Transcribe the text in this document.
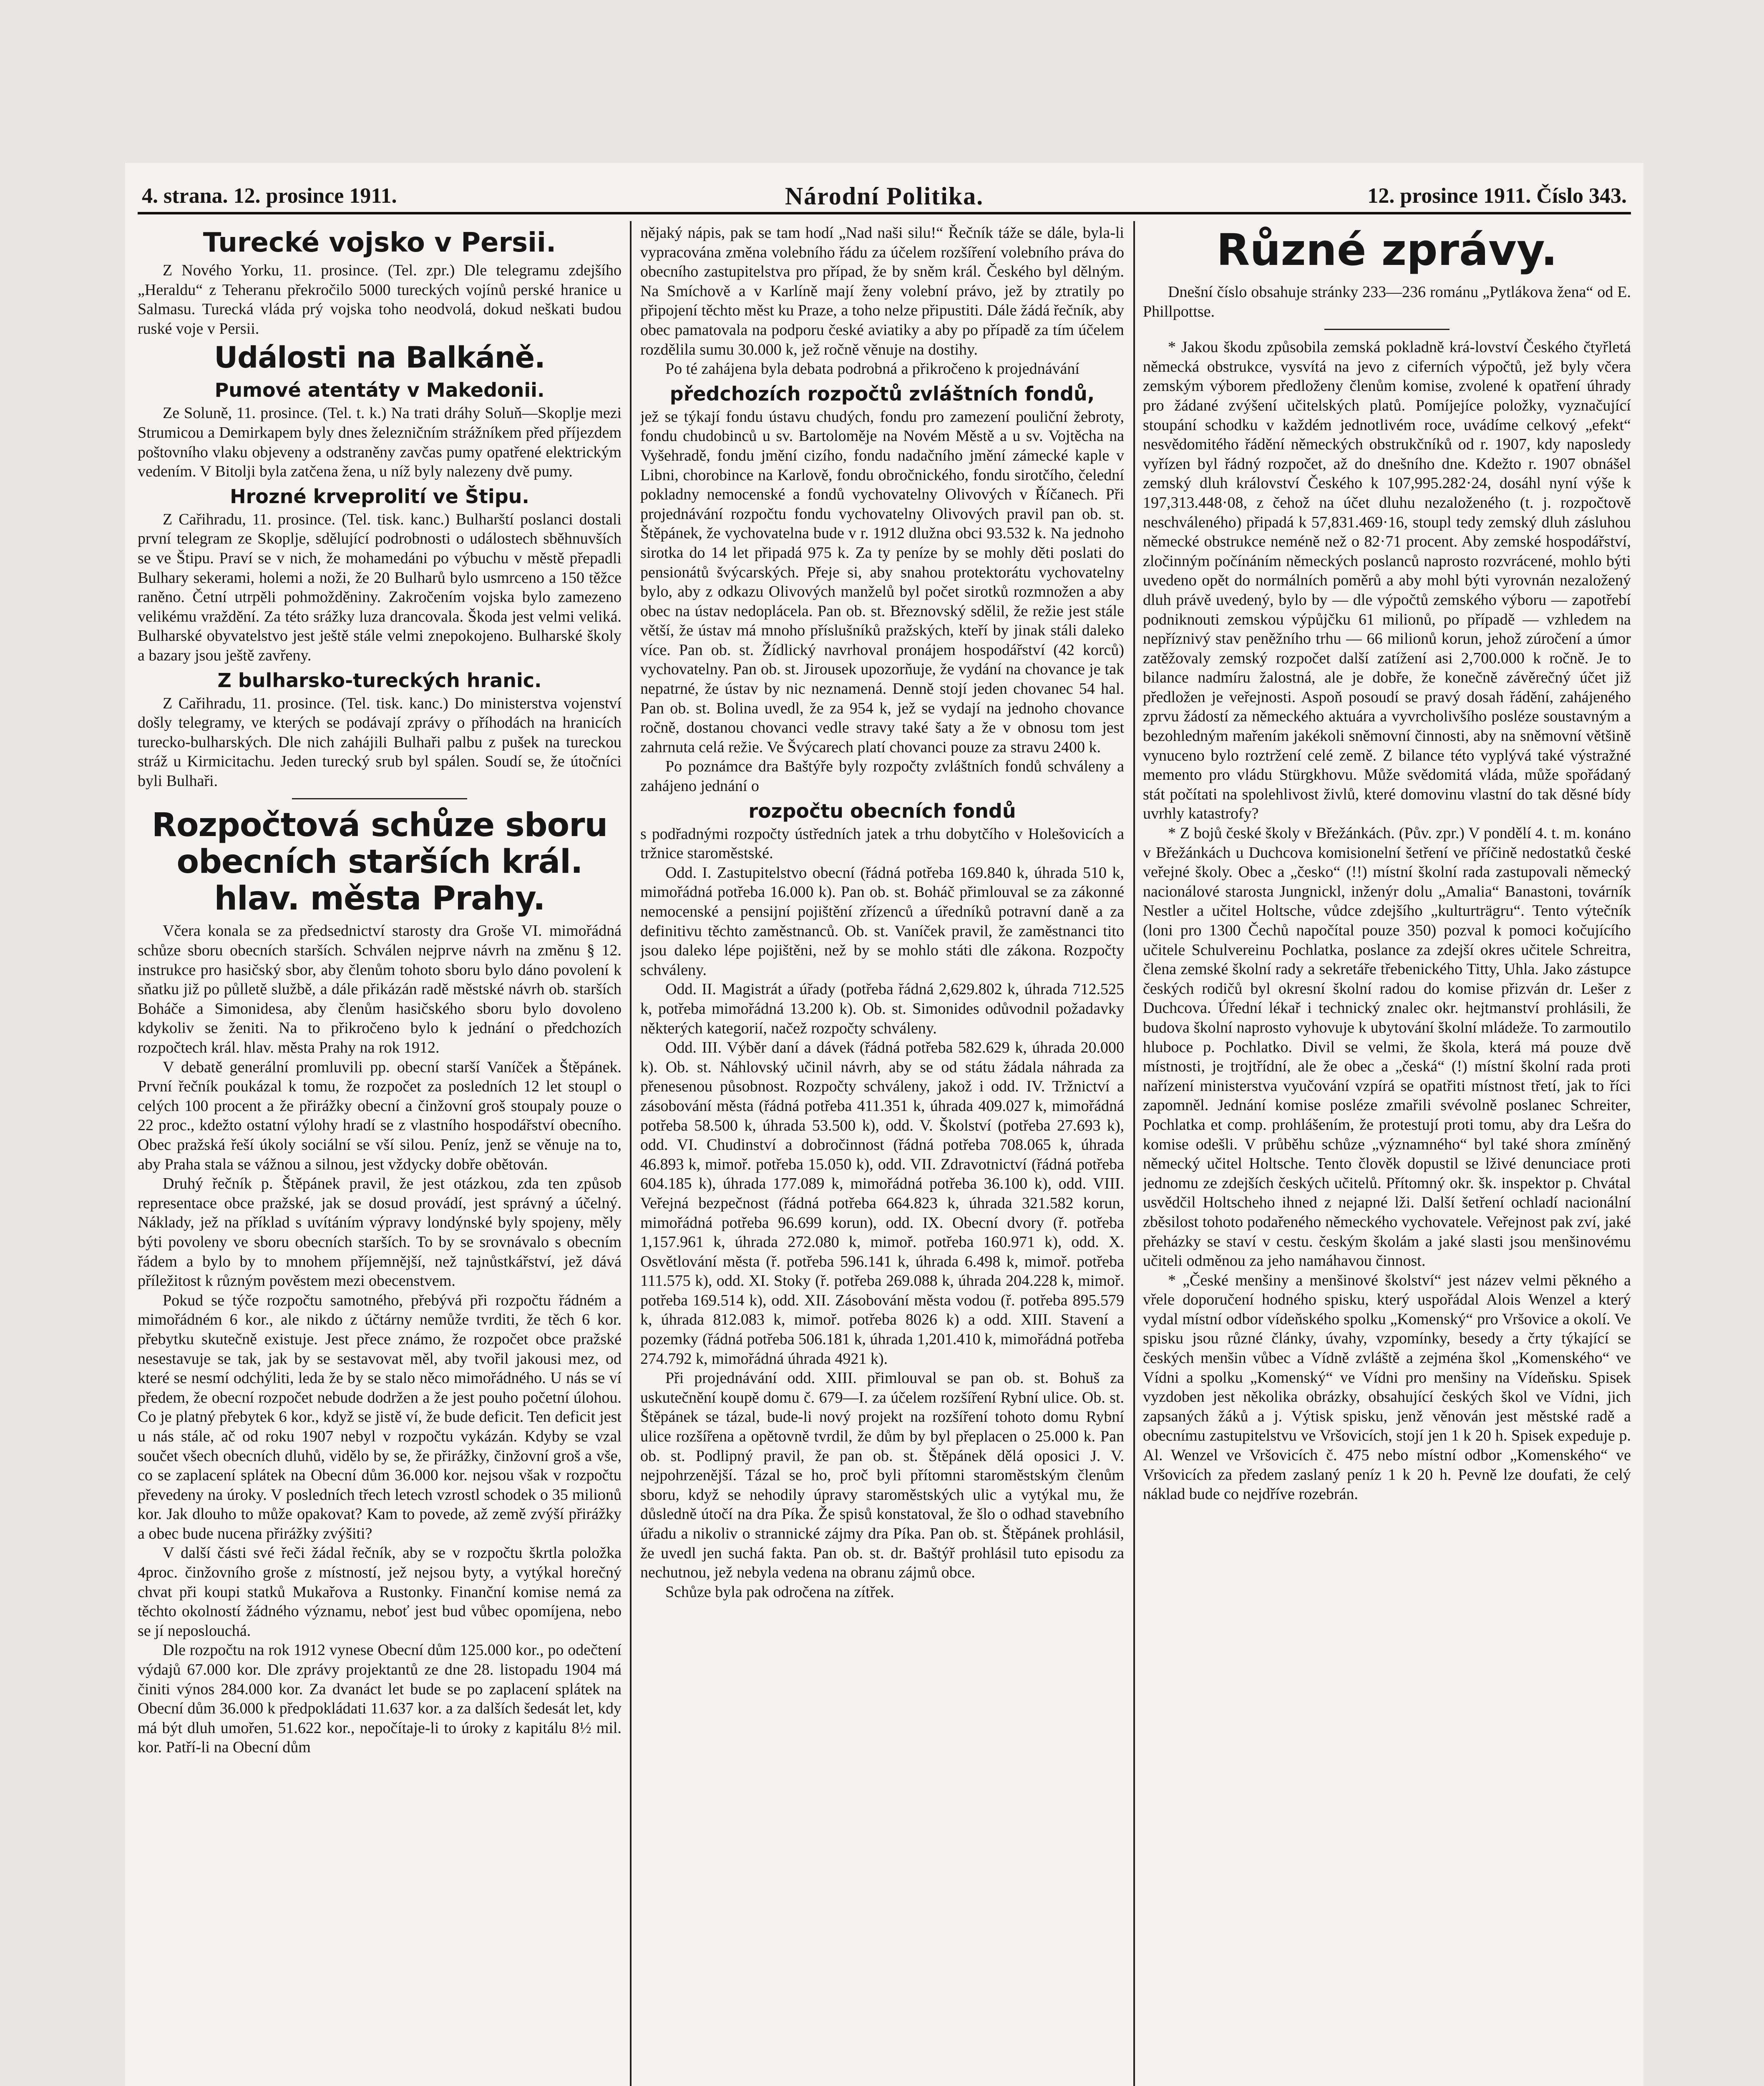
4. strana. 12. prosince 1911.	Národní Politika.	12. prosince 1911. Číslo 343.
Turecké vojsko v Persii.

Z Nového Yorku, 11. prosince. (Tel. zpr.) Dle telegramu zdejšího „Heraldu“ z Teheranu překročilo 5000 tureckých vojínů perské hranice u Salmasu. Turecká vláda prý vojska toho neodvolá, dokud neškati budou ruské voje v Persii.

Události na Balkáně.
Pumové atentáty v Makedonii.

Ze Soluně, 11. prosince. (Tel. t. k.) Na trati dráhy Soluň—Skoplje mezi Strumicou a Demirkapem byly dnes železničním strážníkem před příjezdem poštovního vlaku objeveny a odstraněny zavčas pumy opatřené elektrickým vedením. V Bitolji byla zatčena žena, u níž byly nalezeny dvě pumy.

Hrozné krveprolití ve Štipu.

Z Cařihradu, 11. prosince. (Tel. tisk. kanc.) Bulharští poslanci dostali první telegram ze Skoplje, sdělující podrobnosti o událostech sběhnuvších se ve Štipu. Praví se v nich, že mohamedáni po výbuchu v městě přepadli Bulhary sekerami, holemi a noži, že 20 Bulharů bylo usmrceno a 150 těžce raněno. Četní utrpěli pohmožděniny. Zakročením vojska bylo zamezeno velikému vraždění. Za této srážky luza drancovala. Škoda jest velmi veliká. Bulharské obyvatelstvo jest ještě stále velmi znepokojeno. Bulharské školy a bazary jsou ještě zavřeny.

Z bulharsko-tureckých hranic.

Z Cařihradu, 11. prosince. (Tel. tisk. kanc.) Do ministerstva vojenství došly telegramy, ve kterých se podávají zprávy o příhodách na hranicích turecko-bulharských. Dle nich zahájili Bulhaři palbu z pušek na tureckou stráž u Kirmicitachu. Jeden turecký srub byl spálen. Soudí se, že útočníci byli Bulhaři.

Rozpočtová schůze sboru obecních starších král. hlav. města Prahy.

Včera konala se za předsednictví starosty dra Groše VI. mimořádná schůze sboru obecních starších. Schválen nejprve návrh na změnu § 12. instrukce pro hasičský sbor, aby členům tohoto sboru bylo dáno povolení k sňatku již po půlletě službě, a dále přikázán radě městské návrh ob. starších Boháče a Simonidesa, aby členům hasičského sboru bylo dovoleno kdykoliv se ženiti. Na to přikročeno bylo k jednání o předchozích rozpočtech král. hlav. města Prahy na rok 1912.

V debatě generální promluvili pp. obecní starší Vaníček a Štěpánek. První řečník poukázal k tomu, že rozpočet za posledních 12 let stoupl o celých 100 procent a že přirážky obecní a činžovní groš stoupaly pouze o 22 proc., kdežto ostatní výlohy hradí se z vlastního hospodářství obecního. Obec pražská řeší úkoly sociální se vší silou. Peníz, jenž se věnuje na to, aby Praha stala se vážnou a silnou, jest vždycky dobře obětován.

Druhý řečník p. Štěpánek pravil, že jest otázkou, zda ten způsob representace obce pražské, jak se dosud provádí, jest správný a účelný. Náklady, jež na příklad s uvítáním výpravy londýnské byly spojeny, měly býti povoleny ve sboru obecních starších. To by se srovnávalo s obecním řádem a bylo by to mnohem příjemnější, než tajnůstkářství, jež dává příležitost k různým pověstem mezi obecenstvem.

Pokud se týče rozpočtu samotného, přebývá při rozpočtu řádném a mimořádném 6 kor., ale nikdo z účtárny nemůže tvrditi, že těch 6 kor. přebytku skutečně existuje. Jest přece známo, že rozpočet obce pražské nesestavuje se tak, jak by se sestavovat měl, aby tvořil jakousi mez, od které se nesmí odchýliti, leda že by se stalo něco mimořádného. U nás se ví předem, že obecní rozpočet nebude dodržen a že jest pouho početní úlohou. Co je platný přebytek 6 kor., když se jistě ví, že bude deficit. Ten deficit jest u nás stále, ač od roku 1907 nebyl v rozpočtu vykázán. Kdyby se vzal součet všech obecních dluhů, vidělo by se, že přirážky, činžovní groš a vše, co se zaplacení splátek na Obecní dům 36.000 kor. nejsou však v rozpočtu převedeny na úroky. V posledních třech letech vzrostl schodek o 35 milionů kor. Jak dlouho to může opakovat? Kam to povede, až země zvýší přirážky a obec bude nucena přirážky zvýšiti?

V další části své řeči žádal řečník, aby se v rozpočtu škrtla položka 4proc. činžovního groše z místností, jež nejsou byty, a vytýkal horečný chvat při koupi statků Mukařova a Rustonky. Finanční komise nemá za těchto okolností žádného významu, neboť jest bud vůbec opomíjena, nebo se jí neposlouchá.

Dle rozpočtu na rok 1912 vynese Obecní dům 125.000 kor., po odečtení výdajů 67.000 kor. Dle zprávy projektantů ze dne 28. listopadu 1904 má činiti výnos 284.000 kor. Za dvanáct let bude se po zaplacení splátek na Obecní dům 36.000 k předpokládati 11.637 kor. a za dalších šedesát let, kdy má být dluh umořen, 51.622 kor., nepočítaje-li to úroky z kapitálu 8½ mil. kor. Patří-li na Obecní dům

nějaký nápis, pak se tam hodí „Nad naši silu!“ Řečník táže se dále, byla-li vypracována změna volebního řádu za účelem rozšíření volebního práva do obecního zastupitelstva pro případ, že by sněm král. Českého byl dělným. Na Smíchově a v Karlíně mají ženy volební právo, jež by ztratily po připojení těchto měst ku Praze, a toho nelze připustiti. Dále žádá řečník, aby obec pamatovala na podporu české aviatiky a aby po případě za tím účelem rozdělila sumu 30.000 k, jež ročně věnuje na dostihy.

Po té zahájena byla debata podrobná a přikročeno k projednávání

předchozích rozpočtů zvláštních fondů,

jež se týkají fondu ústavu chudých, fondu pro zamezení pouliční žebroty, fondu chudobinců u sv. Bartoloměje na Novém Městě a u sv. Vojtěcha na Vyšehradě, fondu jmění cizího, fondu nadačního jmění zámecké kaple v Libni, chorobince na Karlově, fondu obročnického, fondu sirotčího, čelední pokladny nemocenské a fondů vychovatelny Olivových v Říčanech. Při projednávání rozpočtu fondu vychovatelny Olivových pravil pan ob. st. Štěpánek, že vychovatelna bude v r. 1912 dlužna obci 93.532 k. Na jednoho sirotka do 14 let připadá 975 k. Za ty peníze by se mohly děti poslati do pensionátů švýcarských. Přeje si, aby snahou protektorátu vychovatelny bylo, aby z odkazu Olivových manželů byl počet sirotků rozmnožen a aby obec na ústav nedoplácela. Pan ob. st. Březnovský sdělil, že režie jest stále větší, že ústav má mnoho příslušníků pražských, kteří by jinak stáli daleko více. Pan ob. st. Žídlický navrhoval pronájem hospodářství (42 korců) vychovatelny. Pan ob. st. Jirousek upozorňuje, že vydání na chovance je tak nepatrné, že ústav by nic neznamená. Denně stojí jeden chovanec 54 hal. Pan ob. st. Bolina uvedl, že za 954 k, jež se vydají na jednoho chovance ročně, dostanou chovanci vedle stravy také šaty a že v obnosu tom jest zahrnuta celá režie. Ve Švýcarech platí chovanci pouze za stravu 2400 k.

Po poznámce dra Baštýře byly rozpočty zvláštních fondů schváleny a zahájeno jednání o

rozpočtu obecních fondů

s podřadnými rozpočty ústředních jatek a trhu dobytčího v Holešovicích a tržnice staroměstské.

Odd. I. Zastupitelstvo obecní (řádná potřeba 169.840 k, úhrada 510 k, mimořádná potřeba 16.000 k). Pan ob. st. Boháč přimlouval se za zákonné nemocenské a pensijní pojištění zřízenců a úředníků potravní daně a za definitivu těchto zaměstnanců. Ob. st. Vaníček pravil, že zaměstnanci tito jsou daleko lépe pojištěni, než by se mohlo státi dle zákona. Rozpočty schváleny.

Odd. II. Magistrát a úřady (potřeba řádná 2,629.802 k, úhrada 712.525 k, potřeba mimořádná 13.200 k). Ob. st. Simonides odůvodnil požadavky některých kategorií, načež rozpočty schváleny.

Odd. III. Výběr daní a dávek (řádná potřeba 582.629 k, úhrada 20.000 k). Ob. st. Náhlovský učinil návrh, aby se od státu žádala náhrada za přenesenou působnost. Rozpočty schváleny, jakož i odd. IV. Tržnictví a zásobování města (řádná potřeba 411.351 k, úhrada 409.027 k, mimořádná potřeba 58.500 k, úhrada 53.500 k), odd. V. Školství (potřeba 27.693 k), odd. VI. Chudinství a dobročinnost (řádná potřeba 708.065 k, úhrada 46.893 k, mimoř. potřeba 15.050 k), odd. VII. Zdravotnictví (řádná potřeba 604.185 k), úhrada 177.089 k, mimořádná potřeba 36.100 k), odd. VIII. Veřejná bezpečnost (řádná potřeba 664.823 k, úhrada 321.582 korun, mimořádná potřeba 96.699 korun), odd. IX. Obecní dvory (ř. potřeba 1,157.961 k, úhrada 272.080 k, mimoř. potřeba 160.971 k), odd. X. Osvětlování města (ř. potřeba 596.141 k, úhrada 6.498 k, mimoř. potřeba 111.575 k), odd. XI. Stoky (ř. potřeba 269.088 k, úhrada 204.228 k, mimoř. potřeba 169.514 k), odd. XII. Zásobování města vodou (ř. potřeba 895.579 k, úhrada 812.083 k, mimoř. potřeba 8026 k) a odd. XIII. Stavení a pozemky (řádná potřeba 506.181 k, úhrada 1,201.410 k, mimořádná potřeba 274.792 k, mimořádná úhrada 4921 k).

Při projednávání odd. XIII. přimlouval se pan ob. st. Bohuš za uskutečnění koupě domu č. 679—I. za účelem rozšíření Rybní ulice. Ob. st. Štěpánek se tázal, bude-li nový projekt na rozšíření tohoto domu Rybní ulice rozšířena a opětovně tvrdil, že dům by byl přeplacen o 25.000 k. Pan ob. st. Podlipný pravil, že pan ob. st. Štěpánek dělá oposici J. V. nejpohrzenější. Tázal se ho, proč byli přítomni staroměstským členům sboru, když se nehodily úpravy staroměstských ulic a vytýkal mu, že důsledně útočí na dra Píka. Že spisů konstatoval, že šlo o odhad stavebního úřadu a nikoliv o strannické zájmy dra Píka. Pan ob. st. Štěpánek prohlásil, že uvedl jen suchá fakta. Pan ob. st. dr. Baštýř prohlásil tuto episodu za nechutnou, jež nebyla vedena na obranu zájmů obce.

Schůze byla pak odročena na zítřek.

Různé zprávy.

Dnešní číslo obsahuje stránky 233—236 románu „Pytlákova žena“ od E. Phillpottse.

* Jakou škodu způsobila zemská pokladně krá-lovství Českého čtyřletá německá obstrukce, vysvítá na jevo z ciferních výpočtů, jež byly včera zemským výborem předloženy členům komise, zvolené k opatření úhrady pro žádané zvýšení učitelských platů. Pomíjejíce položky, vyznačující stoupání schodku v každém jednotlivém roce, uvádíme celkový „efekt“ nesvědomitého řádění německých obstrukčníků od r. 1907, kdy naposledy vyřízen byl řádný rozpočet, až do dnešního dne. Kdežto r. 1907 obnášel zemský dluh království Českého k 107,995.282·24, dosáhl nyní výše k 197,313.448·08, z čehož na účet dluhu nezaloženého (t. j. rozpočtově neschváleného) připadá k 57,831.469·16, stoupl tedy zemský dluh zásluhou německé obstrukce neméně než o 82·71 procent. Aby zemské hospodářství, zločinným počínáním německých poslanců naprosto rozvrácené, mohlo býti uvedeno opět do normálních poměrů a aby mohl býti vyrovnán nezaložený dluh právě uvedený, bylo by — dle výpočtů zemského výboru — zapotřebí podniknouti zemskou výpůjčku 61 milionů, po případě — vzhledem na nepříznivý stav peněžního trhu — 66 milionů korun, jehož zúročení a úmor zatěžovaly zemský rozpočet další zatížení asi 2,700.000 k ročně. Je to bilance nadmíru žalostná, ale je dobře, že konečně závěrečný účet již předložen je veřejnosti. Aspoň posoudí se pravý dosah řádění, zahájeného zprvu žádostí za německého aktuára a vyvrcholivšího posléze soustavným a bezohledným mařením jakékoli sněmovní činnosti, aby na sněmovní většině vynuceno bylo roztržení celé země. Z bilance této vyplývá také výstražné memento pro vládu Stürgkhovu. Může svědomitá vláda, může spořádaný stát počítati na spolehlivost živlů, které domovinu vlastní do tak děsné bídy uvrhly katastrofy?

* Z bojů české školy v Břežánkách. (Pův. zpr.) V pondělí 4. t. m. konáno v Břežánkách u Duchcova komisionelní šetření ve příčině nedostatků české veřejné školy. Obec a „česko“ (!!) místní školní rada zastupovali německý nacionálové starosta Jungnickl, inženýr dolu „Amalia“ Banastoni, továrník Nestler a učitel Holtsche, vůdce zdejšího „kulturträgru“. Tento výtečník (loni pro 1300 Čechů napočítal pouze 350) pozval k pomoci kočujícího učitele Schulvereinu Pochlatka, poslance za zdejší okres učitele Schreitra, člena zemské školní rady a sekretáře třebenického Titty, Uhla. Jako zástupce českých rodičů byl okresní školní radou do komise přizván dr. Lešer z Duchcova. Úřední lékař i technický znalec okr. hejtmanství prohlásili, že budova školní naprosto vyhovuje k ubytování školní mládeže. To zarmoutilo hluboce p. Pochlatko. Divil se velmi, že škola, která má pouze dvě místnosti, je trojtřídní, ale že obec a „česká“ (!) místní školní rada proti nařízení ministerstva vyučování vzpírá se opatřiti místnost třetí, jak to říci zapomněl. Jednání komise posléze zmařili svévolně poslanec Schreiter, Pochlatka et comp. prohlášením, že protestují proti tomu, aby dra Lešra do komise odešli. V průběhu schůze „významného“ byl také shora zmíněný německý učitel Holtsche. Tento člověk dopustil se lživé denunciace proti jednomu ze zdejších českých učitelů. Přítomný okr. šk. inspektor p. Chvátal usvědčil Holtscheho ihned z nejapné lži. Další šetření ochladí nacionální zběsilost tohoto podařeného německého vychovatele. Veřejnost pak zví, jaké přeházky se staví v cestu. českým školám a jaké slasti jsou menšinovému učiteli odměnou za jeho namáhavou činnost.

* „České menšiny a menšinové školství“ jest název velmi pěkného a vřele doporučení hodného spisku, který uspořádal Alois Wenzel a který vydal místní odbor vídeňského spolku „Komenský“ pro Vršovice a okolí. Ve spisku jsou různé články, úvahy, vzpomínky, besedy a črty týkající se českých menšin vůbec a Vídně zvláště a zejména škol „Komenského“ ve Vídni a spolku „Komenský“ ve Vídni pro menšiny na Vídeňsku. Spisek vyzdoben jest několika obrázky, obsahující českých škol ve Vídni, jich zapsaných žáků a j. Výtisk spisku, jenž věnován jest městské radě a obecnímu zastupitelstvu ve Vršovicích, stojí jen 1 k 20 h. Spisek expeduje p. Al. Wenzel ve Vršovicích č. 475 nebo místní odbor „Komenského“ ve Vršovicích za předem zaslaný peníz 1 k 20 h. Pevně lze doufati, že celý náklad bude co nejdříve rozebrán.
